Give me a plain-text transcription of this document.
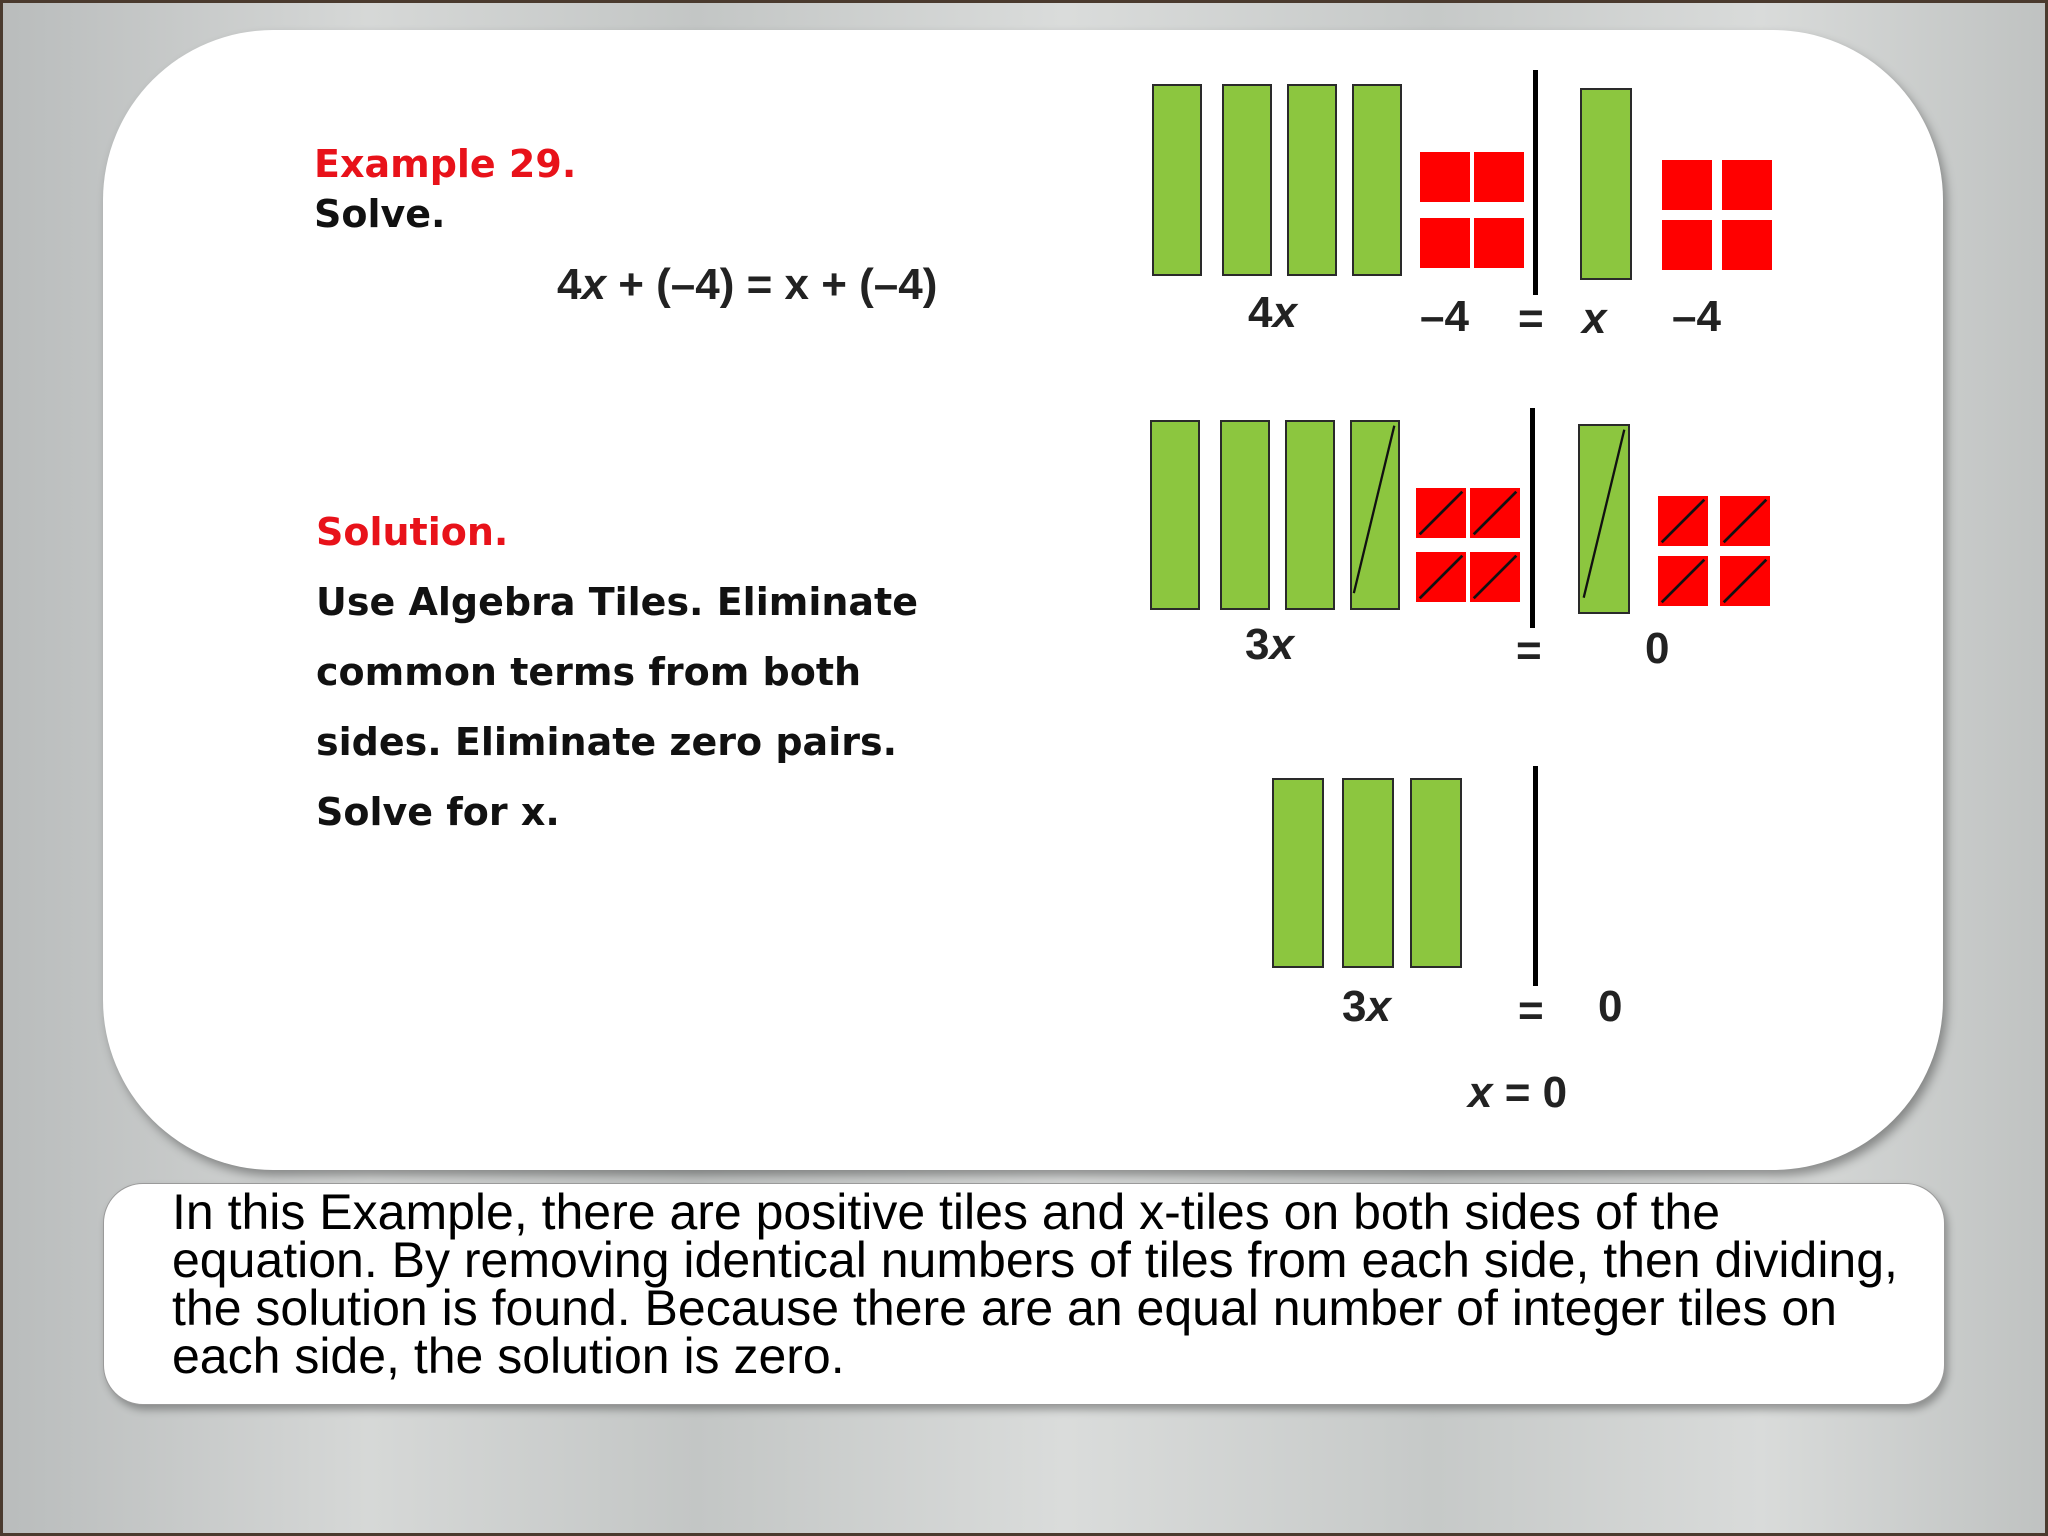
Example 29.
Solve.
4x + (–4) = x + (–4)
Solution.
Use Algebra Tiles. Eliminate
common terms from both
sides. Eliminate zero pairs.
Solve for x.
4x	–4 = x –4
3x	= 0
3x	= 0
x = 0
In this Example, there are positive tiles and x-tiles on both sides of the equation. By removing identical numbers of tiles from each side, then dividing, the solution is found. Because there are an equal number of integer tiles on each side, the solution is zero.
